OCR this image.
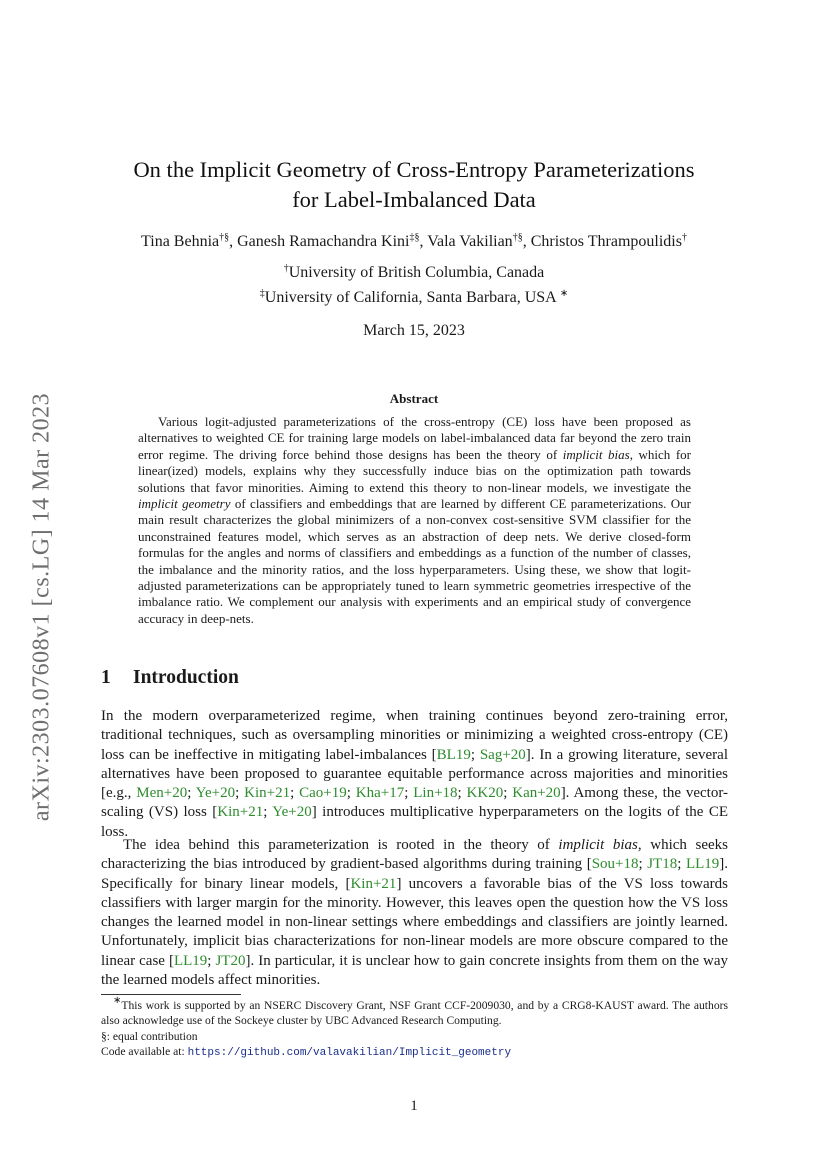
arXiv:2303.07608v1 [cs.LG] 14 Mar 2023
On the Implicit Geometry of Cross-Entropy Parameterizations
for Label-Imbalanced Data
Tina Behnia†§, Ganesh Ramachandra Kini‡§, Vala Vakilian†§, Christos Thrampoulidis†
†University of British Columbia, Canada
‡University of California, Santa Barbara, USA ∗
March 15, 2023
Abstract

Various logit-adjusted parameterizations of the cross-entropy (CE) loss have been proposed as alternatives to weighted CE for training large models on label-imbalanced data far beyond the zero train error regime. The driving force behind those designs has been the theory of implicit bias, which for linear(ized) models, explains why they successfully induce bias on the optimization path towards solutions that favor minorities. Aiming to extend this theory to non-linear models, we investigate the implicit geometry of classifiers and embeddings that are learned by different CE parameterizations. Our main result characterizes the global minimizers of a non-convex cost-sensitive SVM classifier for the unconstrained features model, which serves as an abstraction of deep nets. We derive closed-form formulas for the angles and norms of classifiers and embeddings as a function of the number of classes, the imbalance and the minority ratios, and the loss hyperparameters. Using these, we show that logit-adjusted parameterizations can be appropriately tuned to learn symmetric geometries irrespective of the imbalance ratio. We complement our analysis with experiments and an empirical study of convergence accuracy in deep-nets.

1 Introduction

In the modern overparameterized regime, when training continues beyond zero-training error, traditional techniques, such as oversampling minorities or minimizing a weighted cross-entropy (CE) loss can be ineffective in mitigating label-imbalances [BL19; Sag+20]. In a growing literature, several alternatives have been proposed to guarantee equitable performance across majorities and minorities [e.g., Men+20; Ye+20; Kin+21; Cao+19; Kha+17; Lin+18; KK20; Kan+20]. Among these, the vector-scaling (VS) loss [Kin+21; Ye+20] introduces multiplicative hyperparameters on the logits of the CE loss.

The idea behind this parameterization is rooted in the theory of implicit bias, which seeks characterizing the bias introduced by gradient-based algorithms during training [Sou+18; JT18; LL19]. Specifically for binary linear models, [Kin+21] uncovers a favorable bias of the VS loss towards classifiers with larger margin for the minority. However, this leaves open the question how the VS loss changes the learned model in non-linear settings where embeddings and classifiers are jointly learned. Unfortunately, implicit bias characterizations for non-linear models are more obscure compared to the linear case [LL19; JT20]. In particular, it is unclear how to gain concrete insights from them on the way the learned models affect minorities.

∗This work is supported by an NSERC Discovery Grant, NSF Grant CCF-2009030, and by a CRG8-KAUST award. The authors also acknowledge use of the Sockeye cluster by UBC Advanced Research Computing.

§: equal contribution

Code available at: https://github.com/valavakilian/Implicit_geometry

1
